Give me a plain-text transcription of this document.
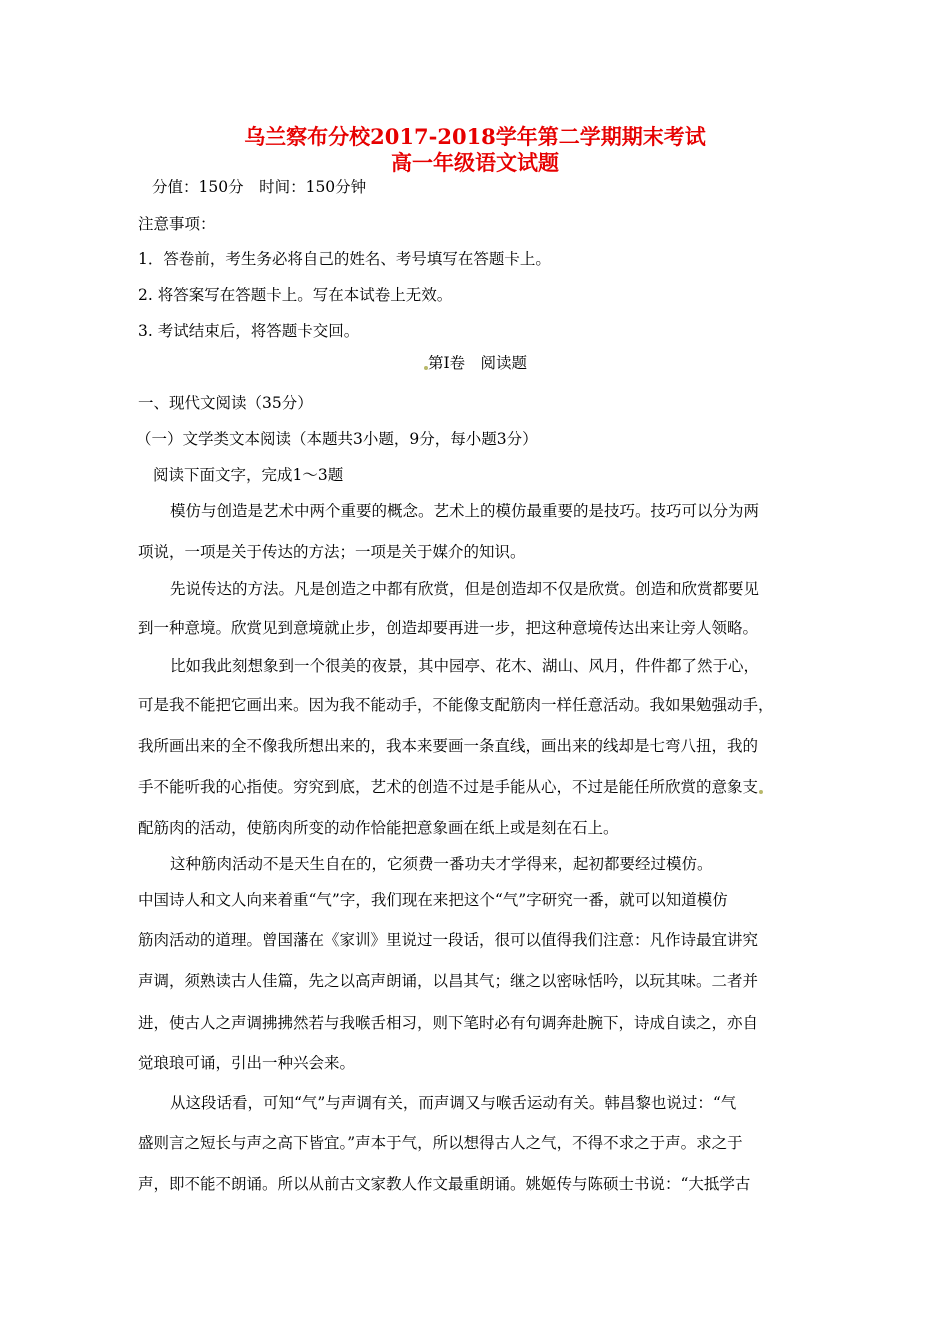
乌兰察布分校2017-2018学年第二学期期末考试
高一年级语文试题
分值：150分　时间：150分钟
注意事项：
1．答卷前，考生务必将自己的姓名、考号填写在答题卡上。
2. 将答案写在答题卡上。写在本试卷上无效。
3. 考试结束后，将答题卡交回。
第Ⅰ卷　阅读题
一、现代文阅读（35分）
（一）文学类文本阅读（本题共3小题，9分，每小题3分）
阅读下面文字，完成1～3题
模仿与创造是艺术中两个重要的概念。艺术上的模仿最重要的是技巧。技巧可以分为两
项说，一项是关于传达的方法；一项是关于媒介的知识。
先说传达的方法。凡是创造之中都有欣赏，但是创造却不仅是欣赏。创造和欣赏都要见
到一种意境。欣赏见到意境就止步，创造却要再进一步，把这种意境传达出来让旁人领略。
比如我此刻想象到一个很美的夜景，其中园亭、花木、湖山、风月，件件都了然于心，
可是我不能把它画出来。因为我不能动手，不能像支配筋肉一样任意活动。我如果勉强动手，
我所画出来的全不像我所想出来的，我本来要画一条直线，画出来的线却是七弯八扭，我的
手不能听我的心指使。穷究到底，艺术的创造不过是手能从心，不过是能任所欣赏的意象支
配筋肉的活动，使筋肉所变的动作恰能把意象画在纸上或是刻在石上。
这种筋肉活动不是天生自在的，它须费一番功夫才学得来，起初都要经过模仿。
中国诗人和文人向来着重“气”字，我们现在来把这个“气”字研究一番，就可以知道模仿
筋肉活动的道理。曾国藩在《家训》里说过一段话，很可以值得我们注意：凡作诗最宜讲究
声调，须熟读古人佳篇，先之以高声朗诵，以昌其气；继之以密咏恬吟，以玩其味。二者并
进，使古人之声调拂拂然若与我喉舌相习，则下笔时必有句调奔赴腕下，诗成自读之，亦自
觉琅琅可诵，引出一种兴会来。
从这段话看，可知“气”与声调有关，而声调又与喉舌运动有关。韩昌黎也说过：“气
盛则言之短长与声之高下皆宜。”声本于气，所以想得古人之气，不得不求之于声。求之于
声，即不能不朗诵。所以从前古文家教人作文最重朗诵。姚姬传与陈硕士书说：“大抵学古
